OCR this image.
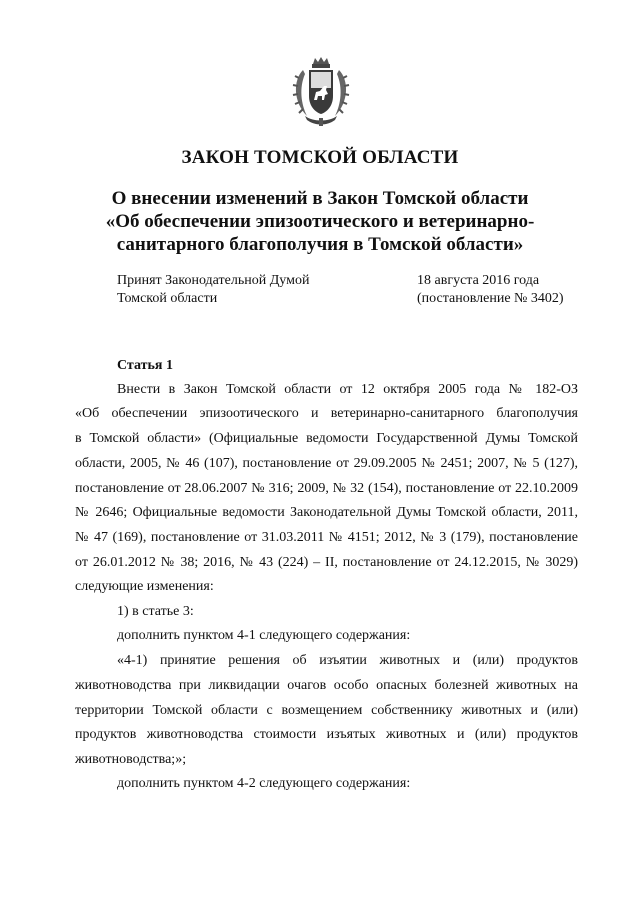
ЗАКОН ТОМСКОЙ ОБЛАСТИ
О внесении изменений в Закон Томской области
«Об обеспечении эпизоотического и ветеринарно-
санитарного благополучия в Томской области»
Принят Законодательной Думой
Томской области
18 августа 2016 года
(постановление № 3402)
Статья 1
Внести в Закон Томской области от 12 октября 2005 года № 182-ОЗ
«Об обеспечении эпизоотического и ветеринарно-санитарного благополучия
в Томской области» (Официальные ведомости Государственной Думы Томской
области, 2005, № 46 (107), постановление от 29.09.2005 № 2451; 2007, № 5 (127),
постановление от 28.06.2007 № 316; 2009, № 32 (154), постановление от 22.10.2009
№ 2646; Официальные ведомости Законодательной Думы Томской области, 2011,
№ 47 (169), постановление от 31.03.2011 № 4151; 2012, № 3 (179), постановление
от 26.01.2012 № 38; 2016, № 43 (224) – II, постановление от 24.12.2015, № 3029)
следующие изменения:
1) в статье 3:
дополнить пунктом 4-1 следующего содержания:
«4-1) принятие решения об изъятии животных и (или) продуктов
животноводства при ликвидации очагов особо опасных болезней животных на
территории Томской области с возмещением собственнику животных и (или)
продуктов животноводства стоимости изъятых животных и (или) продуктов
животноводства;»;
дополнить пунктом 4-2 следующего содержания:
